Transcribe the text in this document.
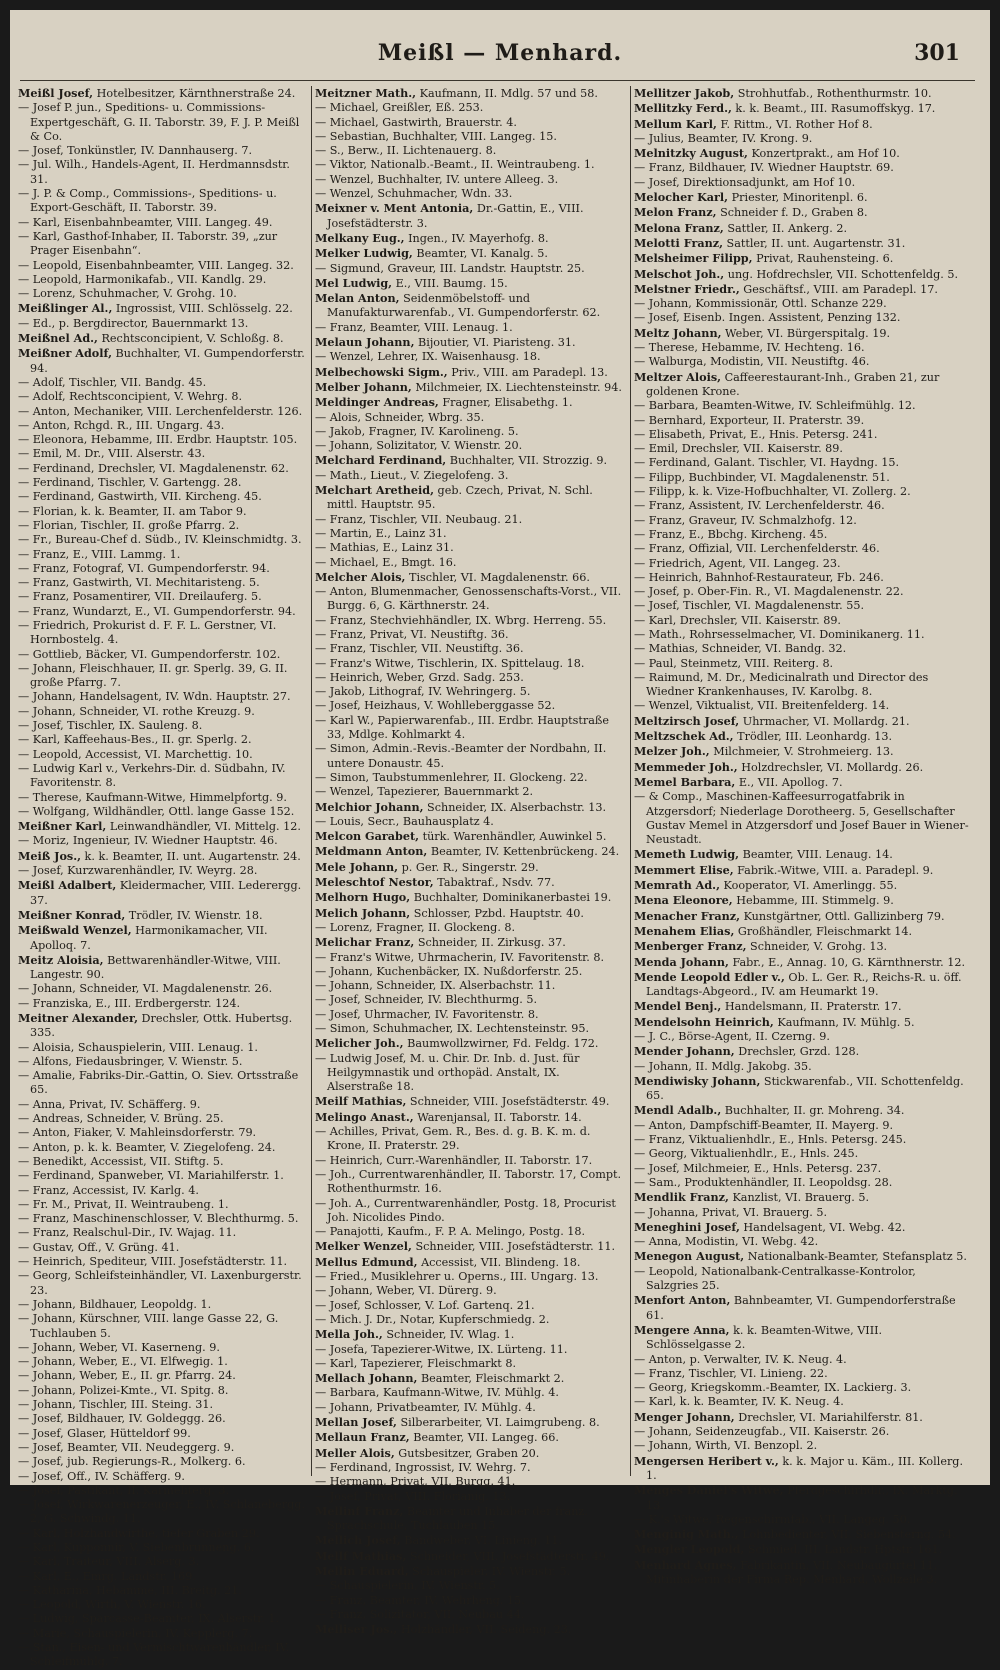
Meißl — Menhard.	301
Meißl Josef, Hotelbesitzer, Kärnthnerstraße 24.
— Josef P. jun., Speditions- u. Commissions-Expertgeschäft, G. II. Taborstr. 39, F. J. P. Meißl & Co.
— Josef, Tonkünstler, IV. Dannhauserg. 7.
— Jul. Wilh., Handels-Agent, II. Herdmannsdstr. 31.
— J. P. & Comp., Commissions-, Speditions- u. Export-Geschäft, II. Taborstr. 39.
— Karl, Eisenbahnbeamter, VIII. Langeg. 49.
— Karl, Gasthof-Inhaber, II. Taborstr. 39, „zur Prager Eisenbahn“.
— Leopold, Eisenbahnbeamter, VIII. Langeg. 32.
— Leopold, Harmonikafab., VII. Kandlg. 29.
— Lorenz, Schuhmacher, V. Grohg. 10.
Meißlinger Al., Ingrossist, VIII. Schlösselg. 22.
— Ed., p. Bergdirector, Bauernmarkt 13.
Meißnel Ad., Rechtsconcipient, V. Schloßg. 8.
Meißner Adolf, Buchhalter, VI. Gumpendorferstr. 94.
— Adolf, Tischler, VII. Bandg. 45.
— Adolf, Rechtsconcipient, V. Wehrg. 8.
— Anton, Mechaniker, VIII. Lerchenfelderstr. 126.
— Anton, Rchgd. R., III. Ungarg. 43.
— Eleonora, Hebamme, III. Erdbr. Hauptstr. 105.
— Emil, M. Dr., VIII. Alserstr. 43.
— Ferdinand, Drechsler, VI. Magdalenenstr. 62.
— Ferdinand, Tischler, V. Gartengg. 28.
— Ferdinand, Gastwirth, VII. Kircheng. 45.
— Florian, k. k. Beamter, II. am Tabor 9.
— Florian, Tischler, II. große Pfarrg. 2.
— Fr., Bureau-Chef d. Südb., IV. Kleinschmidtg. 3.
— Franz, E., VIII. Lammg. 1.
— Franz, Fotograf, VI. Gumpendorferstr. 94.
— Franz, Gastwirth, VI. Mechitaristeng. 5.
— Franz, Posamentirer, VII. Dreilauferg. 5.
— Franz, Wundarzt, E., VI. Gumpendorferstr. 94.
— Friedrich, Prokurist d. F. F. L. Gerstner, VI. Hornbostelg. 4.
— Gottlieb, Bäcker, VI. Gumpendorferstr. 102.
— Johann, Fleischhauer, II. gr. Sperlg. 39, G. II. große Pfarrg. 7.
— Johann, Handelsagent, IV. Wdn. Hauptstr. 27.
— Johann, Schneider, VI. rothe Kreuzg. 9.
— Josef, Tischler, IX. Sauleng. 8.
— Karl, Kaffeehaus-Bes., II. gr. Sperlg. 2.
— Leopold, Accessist, VI. Marchettig. 10.
— Ludwig Karl v., Verkehrs-Dir. d. Südbahn, IV. Favoritenstr. 8.
— Therese, Kaufmann-Witwe, Himmelpfortg. 9.
— Wolfgang, Wildhändler, Ottl. lange Gasse 152.
Meißner Karl, Leinwandhändler, VI. Mittelg. 12.
— Moriz, Ingenieur, IV. Wiedner Hauptstr. 46.
Meiß Jos., k. k. Beamter, II. unt. Augartenstr. 24.
— Josef, Kurzwarenhändler, IV. Weyrg. 28.
Meißl Adalbert, Kleidermacher, VIII. Lederergg. 37.
Meißner Konrad, Trödler, IV. Wienstr. 18.
Meißwald Wenzel, Harmonikamacher, VII. Apolloq. 7.
Meitz Aloisia, Bettwarenhändler-Witwe, VIII. Langestr. 90.
— Johann, Schneider, VI. Magdalenenstr. 26.
— Franziska, E., III. Erdbergerstr. 124.
Meitner Alexander, Drechsler, Ottk. Hubertsg. 335.
— Aloisia, Schauspielerin, VIII. Lenaug. 1.
— Alfons, Fiedausbringer, V. Wienstr. 5.
— Amalie, Fabriks-Dir.-Gattin, O. Siev. Ortsstraße 65.
— Anna, Privat, IV. Schäfferg. 9.
— Andreas, Schneider, V. Brüng. 25.
— Anton, Fiaker, V. Mahleinsdorferstr. 79.
— Anton, p. k. k. Beamter, V. Ziegelofeng. 24.
— Benedikt, Accessist, VII. Stiftg. 5.
— Ferdinand, Spanweber, VI. Mariahilferstr. 1.
— Franz, Accessist, IV. Karlg. 4.
— Fr. M., Privat, II. Weintraubeng. 1.
— Franz, Maschinenschlosser, V. Blechthurmg. 5.
— Franz, Realschul-Dir., IV. Wajag. 11.
— Gustav, Off., V. Grüng. 41.
— Heinrich, Spediteur, VIII. Josefstädterstr. 11.
— Georg, Schleifsteinhändler, VI. Laxenburgerstr. 23.
— Johann, Bildhauer, Leopoldg. 1.
— Johann, Kürschner, VIII. lange Gasse 22, G. Tuchlauben 5.
— Johann, Weber, VI. Kaserneng. 9.
— Johann, Weber, E., VI. Elfwegig. 1.
— Johann, Weber, E., II. gr. Pfarrg. 24.
— Johann, Polizei-Kmte., VI. Spitg. 8.
— Johann, Tischler, III. Steing. 31.
— Josef, Bildhauer, IV. Goldeggg. 26.
— Josef, Glaser, Hütteldorf 99.
— Josef, Beamter, VII. Neudeggerg. 9.
— Josef, jub. Regierungs-R., Molkerg. 6.
— Josef, Off., IV. Schäfferg. 9.
— Josef, Pastikant, II. Karmeliterg. 3.
— Josef, Wirkwarenerzeuger, E., IV. Schlanebergg. 2, G. Schwindg. 11.
— Karl, Holzhandwirthe, tiefer Graben 29.
— Karl, Kupponnir, V. Siebenbrunneng. 6.
— Karl, Traiteur, VIII. Alserg. 3.
— Karl, E., Emrg. Landstr. 169.
— Katharina, Hebamme, III. Breitg. 21.
— Leopold, Wirth, V. Wienstr. 16.
— Ludwig, Sparcasse-Beamter, IX. Alserstr. 1.
— Marie, Schauspielerin, IV. Kepplerg. 7.
— Stan., Eisen- und Vermischtwarenhändler, IV. Schleifmühlg. 7.
Meitzner Math., Kaufmann, II. Mdlg. 57 und 58.
— Michael, Greißler, Eß. 253.
— Michael, Gastwirth, Brauerstr. 4.
— Sebastian, Buchhalter, VIII. Langeg. 15.
— S., Berw., II. Lichtenauerg. 8.
— Viktor, Nationalb.-Beamt., II. Weintraubeng. 1.
— Wenzel, Buchhalter, IV. untere Alleeg. 3.
— Wenzel, Schuhmacher, Wdn. 33.
Meixner v. Ment Antonia, Dr.-Gattin, E., VIII. Josefstädterstr. 3.
Melkany Eug., Ingen., IV. Mayerhofg. 8.
Melker Ludwig, Beamter, VI. Kanalg. 5.
— Sigmund, Graveur, III. Landstr. Hauptstr. 25.
Mel Ludwig, E., VIII. Baumg. 15.
Melan Anton, Seidenmöbelstoff- und Manufakturwarenfab., VI. Gumpendorferstr. 62.
— Franz, Beamter, VIII. Lenaug. 1.
Melaun Johann, Bijoutier, VI. Piaristeng. 31.
— Wenzel, Lehrer, IX. Waisenhausg. 18.
Melbechowski Sigm., Priv., VIII. am Paradepl. 13.
Melber Johann, Milchmeier, IX. Liechtensteinstr. 94.
Meldinger Andreas, Fragner, Elisabethg. 1.
— Alois, Schneider, Wbrg. 35.
— Jakob, Fragner, IV. Karolineng. 5.
— Johann, Solizitator, V. Wienstr. 20.
Melchard Ferdinand, Buchhalter, VII. Strozzig. 9.
— Math., Lieut., V. Ziegelofeng. 3.
Melchart Aretheid, geb. Czech, Privat, N. Schl. mittl. Hauptstr. 95.
— Franz, Tischler, VII. Neubaug. 21.
— Martin, E., Lainz 31.
— Mathias, E., Lainz 31.
— Michael, E., Bmgt. 16.
Melcher Alois, Tischler, VI. Magdalenenstr. 66.
— Anton, Blumenmacher, Genossenschafts-Vorst., VII. Burgg. 6, G. Kärthnerstr. 24.
— Franz, Stechviehhändler, IX. Wbrg. Herreng. 55.
— Franz, Privat, VI. Neustiftg. 36.
— Franz, Tischler, VII. Neustiftg. 36.
— Franz's Witwe, Tischlerin, IX. Spittelaug. 18.
— Heinrich, Weber, Grzd. Sadg. 253.
— Jakob, Lithograf, IV. Wehringerg. 5.
— Josef, Heizhaus, V. Wohlleberggasse 52.
— Karl W., Papierwarenfab., III. Erdbr. Hauptstraße 33, Mdlge. Kohlmarkt 4.
— Simon, Admin.-Revis.-Beamter der Nordbahn, II. untere Donaustr. 45.
— Simon, Taubstummenlehrer, II. Glockeng. 22.
— Wenzel, Tapezierer, Bauernmarkt 2.
Melchior Johann, Schneider, IX. Alserbachstr. 13.
— Louis, Secr., Bauhausplatz 4.
Melcon Garabet, türk. Warenhändler, Auwinkel 5.
Meldmann Anton, Beamter, IV. Kettenbrückeng. 24.
Mele Johann, p. Ger. R., Singerstr. 29.
Meleschtof Nestor, Tabaktraf., Nsdv. 77.
Melhorn Hugo, Buchhalter, Dominikanerbastei 19.
Melich Johann, Schlosser, Pzbd. Hauptstr. 40.
— Lorenz, Fragner, II. Glockeng. 8.
Melichar Franz, Schneider, II. Zirkusg. 37.
— Franz's Witwe, Uhrmacherin, IV. Favoritenstr. 8.
— Johann, Kuchenbäcker, IX. Nußdorferstr. 25.
— Johann, Schneider, IX. Alserbachstr. 11.
— Josef, Schneider, IV. Blechthurmg. 5.
— Josef, Uhrmacher, IV. Favoritenstr. 8.
— Simon, Schuhmacher, IX. Lechtensteinstr. 95.
Melicher Joh., Baumwollzwirner, Fd. Feldg. 172.
— Ludwig Josef, M. u. Chir. Dr. Inb. d. Just. für Heilgymnastik und orthopäd. Anstalt, IX. Alserstraße 18.
Meilf Mathias, Schneider, VIII. Josefstädterstr. 49.
Melingo Anast., Warenjansal, II. Taborstr. 14.
— Achilles, Privat, Gem. R., Bes. d. g. B. K. m. d. Krone, II. Praterstr. 29.
— Heinrich, Curr.-Warenhändler, II. Taborstr. 17.
— Joh., Currentwarenhändler, II. Taborstr. 17, Compt. Rothenthurmstr. 16.
— Joh. A., Currentwarenhändler, Postg. 18, Procurist Joh. Nicolides Pindo.
— Panajotti, Kaufm., F. P. A. Melingo, Postg. 18.
Melker Wenzel, Schneider, VIII. Josefstädterstr. 11.
Mellus Edmund, Accessist, VII. Blindeng. 18.
— Fried., Musiklehrer u. Operns., III. Ungarg. 13.
— Johann, Weber, VI. Dürerg. 9.
— Josef, Schlosser, V. Lof. Gartenq. 21.
— Mich. J. Dr., Notar, Kupferschmiedg. 2.
Mella Joh., Schneider, IV. Wlag. 1.
— Josefa, Tapezierer-Witwe, IX. Lürteng. 11.
— Karl, Tapezierer, Fleischmarkt 8.
Mellach Johann, Beamter, Fleischmarkt 2.
— Barbara, Kaufmann-Witwe, IV. Mühlg. 4.
— Johann, Privatbeamter, IV. Mühlg. 4.
Mellan Josef, Silberarbeiter, VI. Laimgrubeng. 8.
Mellaun Franz, Beamter, VII. Langeg. 66.
Meller Alois, Gutsbesitzer, Graben 20.
— Ferdinand, Ingrossist, IV. Wehrg. 7.
— Hermann, Privat, VII. Burgg. 41.
— Josef, Privat, VIII. Florianig. 13.
Mellinf Franz, Beamter und Inhaber der franz. Sprachschule, Tuchlauben 15.
Mellich Josef, Bandweber, VI. Linieng. 11.
Mellf Mathias, Schneider, VIII. Josefstädterstr. 49.
Mellin Eduard, Schauspieler, IV. Wienstr. 5.
— Schauspielerin, IV. Wienstr. 5.
— Franz, Beamter, IV. Wehrheng. 15.
— Franz, Solizitator, VII. Neubau 44.
Melliser Jos., Holzhändler, VII. Seideng. 23.
Mellitzer Jakob, Strohhutfab., Rothenthurmstr. 10.
Mellitzky Ferd., k. k. Beamt., III. Rasumoffskyg. 17.
Mellum Karl, F. Rittm., VI. Rother Hof 8.
— Julius, Beamter, IV. Krong. 9.
Melnitzky August, Konzertprakt., am Hof 10.
— Franz, Bildhauer, IV. Wiedner Hauptstr. 69.
— Josef, Direktionsadjunkt, am Hof 10.
Melocher Karl, Priester, Minoritenpl. 6.
Melon Franz, Schneider f. D., Graben 8.
Melona Franz, Sattler, II. Ankerg. 2.
Melotti Franz, Sattler, II. unt. Augartenstr. 31.
Melsheimer Filipp, Privat, Rauhensteing. 6.
Melschot Joh., ung. Hofdrechsler, VII. Schottenfeldg. 5.
Melstner Friedr., Geschäftsf., VIII. am Paradepl. 17.
— Johann, Kommissionär, Ottl. Schanze 229.
— Josef, Eisenb. Ingen. Assistent, Penzing 132.
Meltz Johann, Weber, VI. Bürgerspitalg. 19.
— Therese, Hebamme, IV. Hechteng. 16.
— Walburga, Modistin, VII. Neustiftg. 46.
Meltzer Alois, Caffeerestaurant-Inh., Graben 21, zur goldenen Krone.
— Barbara, Beamten-Witwe, IV. Schleifmühlg. 12.
— Bernhard, Exporteur, II. Praterstr. 39.
— Elisabeth, Privat, E., Hnis. Petersg. 241.
— Emil, Drechsler, VII. Kaiserstr. 89.
— Ferdinand, Galant. Tischler, VI. Haydng. 15.
— Filipp, Buchbinder, VI. Magdalenenstr. 51.
— Filipp, k. k. Vize-Hofbuchhalter, VI. Zollerg. 2.
— Franz, Assistent, IV. Lerchenfelderstr. 46.
— Franz, Graveur, IV. Schmalzhofg. 12.
— Franz, E., Bbchg. Kircheng. 45.
— Franz, Offizial, VII. Lerchenfelderstr. 46.
— Friedrich, Agent, VII. Langeg. 23.
— Heinrich, Bahnhof-Restaurateur, Fb. 246.
— Josef, p. Ober-Fin. R., VI. Magdalenenstr. 22.
— Josef, Tischler, VI. Magdalenenstr. 55.
— Karl, Drechsler, VII. Kaiserstr. 89.
— Math., Rohrsesselmacher, VI. Dominikanerg. 11.
— Mathias, Schneider, VI. Bandg. 32.
— Paul, Steinmetz, VIII. Reiterg. 8.
— Raimund, M. Dr., Medicinalrath und Director des Wiedner Krankenhauses, IV. Karolbg. 8.
— Wenzel, Viktualist, VII. Breitenfelderg. 14.
Meltzirsch Josef, Uhrmacher, VI. Mollardg. 21.
Meltzschek Ad., Trödler, III. Leonhardg. 13.
Melzer Joh., Milchmeier, V. Strohmeierg. 13.
Memmeder Joh., Holzdrechsler, VI. Mollardg. 26.
Memel Barbara, E., VII. Apollog. 7.
— & Comp., Maschinen-Kaffeesurrogatfabrik in Atzgersdorf; Niederlage Dorotheerg. 5, Gesellschafter Gustav Memel in Atzgersdorf und Josef Bauer in Wiener-Neustadt.
Memeth Ludwig, Beamter, VIII. Lenaug. 14.
Memmert Elise, Fabrik.-Witwe, VIII. a. Paradepl. 9.
Memrath Ad., Kooperator, VI. Amerlingg. 55.
Mena Eleonore, Hebamme, III. Stimmelg. 9.
Menacher Franz, Kunstgärtner, Ottl. Gallizinberg 79.
Menahem Elias, Großhändler, Fleischmarkt 14.
Menberger Franz, Schneider, V. Grohg. 13.
Menda Johann, Fabr., E., Annag. 10, G. Kärnthnerstr. 12.
Mende Leopold Edler v., Ob. L. Ger. R., Reichs-R. u. öff. Landtags-Abgeord., IV. am Heumarkt 19.
Mendel Benj., Handelsmann, II. Praterstr. 17.
Mendelsohn Heinrich, Kaufmann, IV. Mühlg. 5.
— J. C., Börse-Agent, II. Czerng. 9.
Mender Johann, Drechsler, Grzd. 128.
— Johann, II. Mdlg. Jakobg. 35.
Mendiwisky Johann, Stickwarenfab., VII. Schottenfeldg. 65.
Mendl Adalb., Buchhalter, II. gr. Mohreng. 34.
— Anton, Dampfschiff-Beamter, II. Mayerg. 9.
— Franz, Viktualienhdlr., E., Hnls. Petersg. 245.
— Georg, Viktualienhdlr., E., Hnls. 245.
— Josef, Milchmeier, E., Hnls. Petersg. 237.
— Sam., Produktenhändler, II. Leopoldsg. 28.
Mendlik Franz, Kanzlist, VI. Brauerg. 5.
— Johanna, Privat, VI. Brauerg. 5.
Meneghini Josef, Handelsagent, VI. Webg. 42.
— Anna, Modistin, VI. Webg. 42.
Menegon August, Nationalbank-Beamter, Stefansplatz 5.
— Leopold, Nationalbank-Centralkasse-Kontrolor, Salzgries 25.
Menfort Anton, Bahnbeamter, VI. Gumpendorferstraße 61.
Mengere Anna, k. k. Beamten-Witwe, VIII. Schlösselgasse 2.
— Anton, p. Verwalter, IV. K. Neug. 4.
— Franz, Tischler, VI. Linieng. 22.
— Georg, Kriegskomm.-Beamter, IX. Lackierg. 3.
— Karl, k. k. Beamter, IV. K. Neug. 4.
Menger Johann, Drechsler, VI. Mariahilferstr. 81.
— Johann, Seidenzeugfab., VII. Kaiserstr. 26.
— Johann, Wirth, VI. Benzopl. 2.
Mengersen Heribert v., k. k. Major u. Käm., III. Kollerg. 1.
Menges Daniel's Witwe, Pferdgeschirhdlr., IX. Marktg. 13.
— K.'s Witwe, Regenschirmfab., VII. Langeg. 50.
Menginig Math., Lohnbedienter, VII. Siebensterng. 54.
Mengler Leopold, Schmied, III. Landstr. Hptstr. 161.
Menhard Agnes, Fabrikantin, VII. Neubaugürtel 11, Mitinhaberin der Firma Rep. Menhard, Wollzeile 3.
